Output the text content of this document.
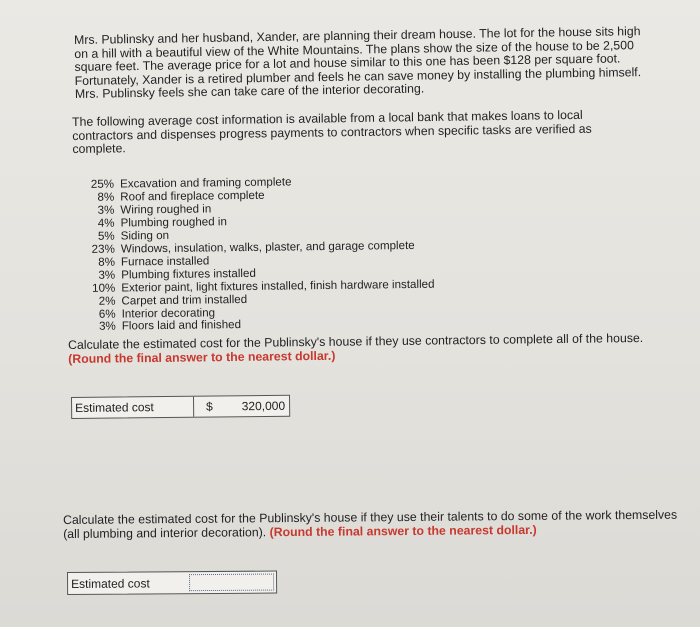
Mrs. Publinsky and her husband, Xander, are planning their dream house. The lot for the house sits high on a hill with a beautiful view of the White Mountains. The plans show the size of the house to be 2,500 square feet. The average price for a lot and house similar to this one has been $128 per square foot. Fortunately, Xander is a retired plumber and feels he can save money by installing the plumbing himself. Mrs. Publinsky feels she can take care of the interior decorating.
The following average cost information is available from a local bank that makes loans to local contractors and dispenses progress payments to contractors when specific tasks are verified as complete.
25% Excavation and framing complete
8% Roof and fireplace complete
3% Wiring roughed in
4% Plumbing roughed in
5% Siding on
23% Windows, insulation, walks, plaster, and garage complete
8% Furnace installed
3% Plumbing fixtures installed
10% Exterior paint, light fixtures installed, finish hardware installed
2% Carpet and trim installed
6% Interior decorating
3% Floors laid and finished
Calculate the estimated cost for the Publinsky's house if they use contractors to complete all of the house. (Round the final answer to the nearest dollar.)
Estimated cost	$ 320,000
Calculate the estimated cost for the Publinsky's house if they use their talents to do some of the work themselves (all plumbing and interior decoration). (Round the final answer to the nearest dollar.)
Estimated cost
